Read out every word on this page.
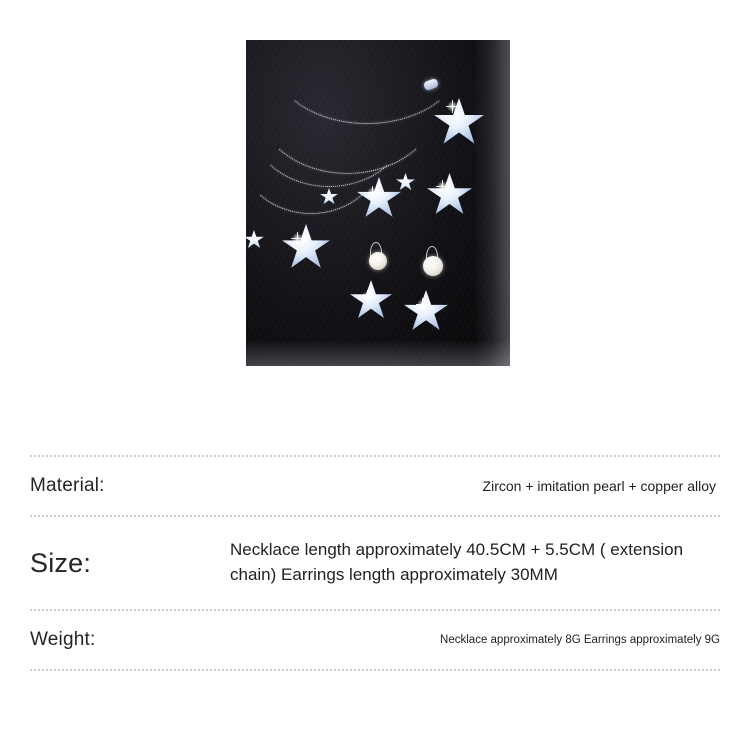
Material:	Zircon + imitation pearl + copper alloy
Size:	Necklace length approximately 40.5CM + 5.5CM ( extension chain) Earrings length approximately 30MM
Weight:	Necklace approximately 8G Earrings approximately 9G
